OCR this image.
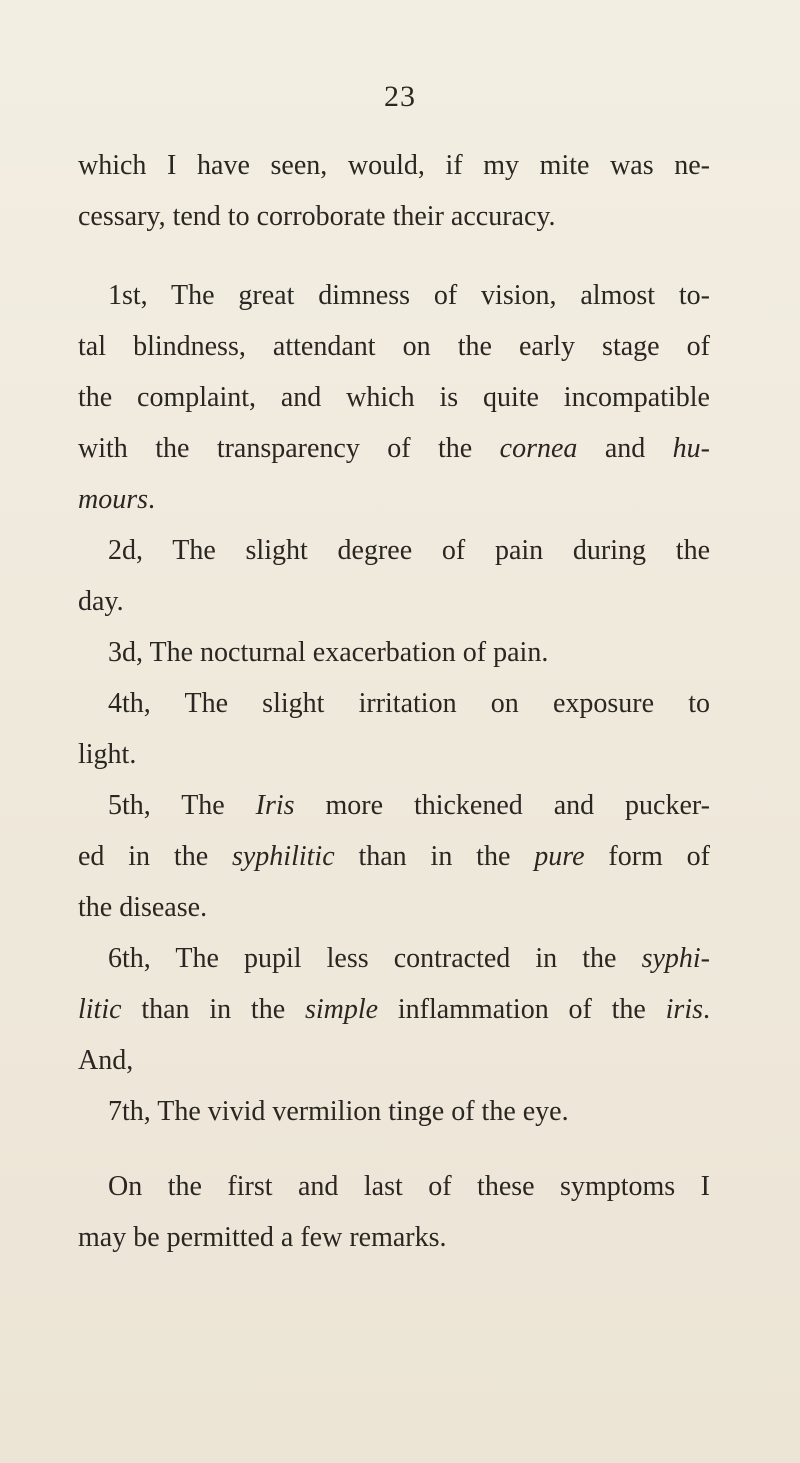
23
which I have seen, would, if my mite was ne-
cessary, tend to corroborate their accuracy.
1st, The great dimness of vision, almost to-
tal blindness, attendant on the early stage of
the complaint, and which is quite incompatible
with the transparency of the cornea and hu-
mours.
2d, The slight degree of pain during the
day.
3d, The nocturnal exacerbation of pain.
4th, The slight irritation on exposure to
light.
5th, The Iris more thickened and pucker-
ed in the syphilitic than in the pure form of
the disease.
6th, The pupil less contracted in the syphi-
litic than in the simple inflammation of the iris.
And,
7th, The vivid vermilion tinge of the eye.
On the first and last of these symptoms I
may be permitted a few remarks.
